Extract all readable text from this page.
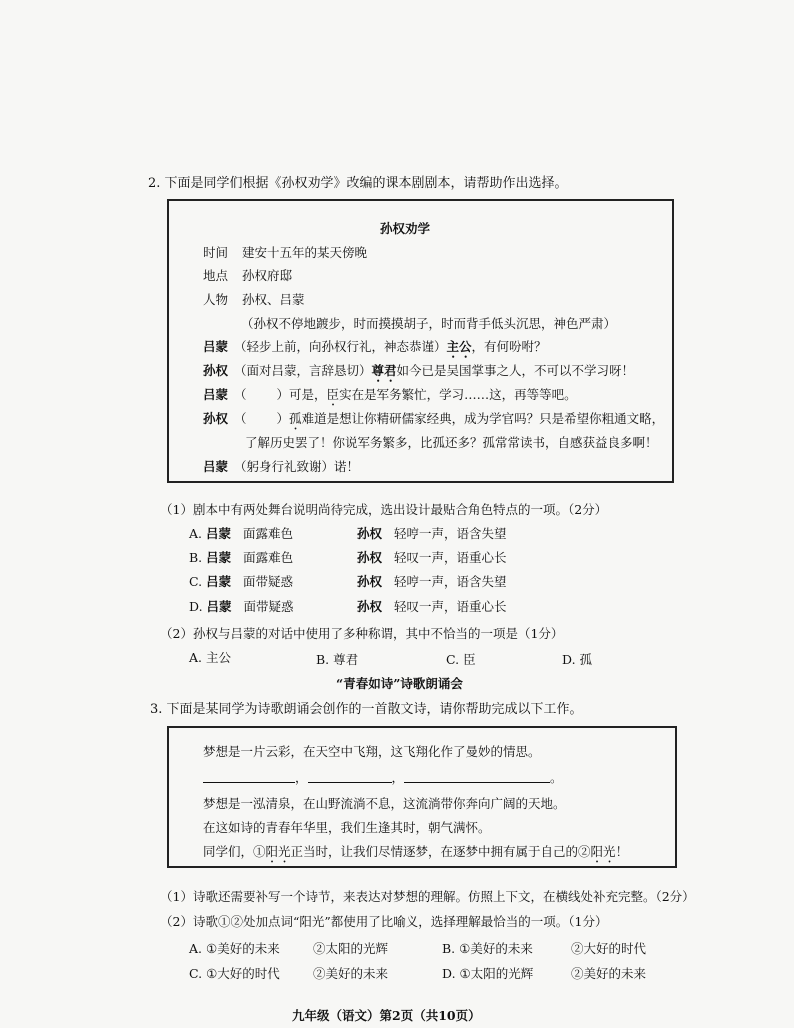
2. 下面是同学们根据《孙权劝学》改编的课本剧剧本，请帮助作出选择。
孙权劝学
时间 建安十五年的某天傍晚
地点 孙权府邸
人物 孙权、吕蒙
（孙权不停地踱步，时而摸摸胡子，时而背手低头沉思，神色严肃）
吕蒙 （轻步上前，向孙权行礼，神态恭谨）主公，有何吩咐？
孙权 （面对吕蒙，言辞恳切）尊君如今已是吴国掌事之人，不可以不学习呀！
吕蒙 （ ）可是，臣实在是军务繁忙，学习……这，再等等吧。
孙权 （ ）孤难道是想让你精研儒家经典，成为学官吗？只是希望你粗通文略，
了解历史罢了！你说军务繁多，比孤还多？孤常常读书，自感获益良多啊！
吕蒙 （躬身行礼致谢）诺！
（1）剧本中有两处舞台说明尚待完成，选出设计最贴合角色特点的一项。（2分）
A. 吕蒙 面露难色	孙权 轻哼一声，语含失望
B. 吕蒙 面露难色	孙权 轻叹一声，语重心长
C. 吕蒙 面带疑惑	孙权 轻哼一声，语含失望
D. 吕蒙 面带疑惑	孙权 轻叹一声，语重心长
（2）孙权与吕蒙的对话中使用了多种称谓，其中不恰当的一项是（1分）
A. 主公	B. 尊君	C. 臣	D. 孤
“青春如诗”诗歌朗诵会
3. 下面是某同学为诗歌朗诵会创作的一首散文诗，请你帮助完成以下工作。
梦想是一片云彩，在天空中飞翔，这飞翔化作了曼妙的情思。
，	，	。
梦想是一泓清泉，在山野流淌不息，这流淌带你奔向广阔的天地。
在这如诗的青春年华里，我们生逢其时，朝气满怀。
同学们，①阳光正当时，让我们尽情逐梦，在逐梦中拥有属于自己的②阳光！
（1）诗歌还需要补写一个诗节，来表达对梦想的理解。仿照上下文，在横线处补充完整。（2分）
（2）诗歌①②处加点词“阳光”都使用了比喻义，选择理解最恰当的一项。（1分）
A. ①美好的未来	②太阳的光辉	B. ①美好的未来	②大好的时代
C. ①大好的时代	②美好的未来	D. ①太阳的光辉	②美好的未来
九年级（语文）第2页（共10页）
